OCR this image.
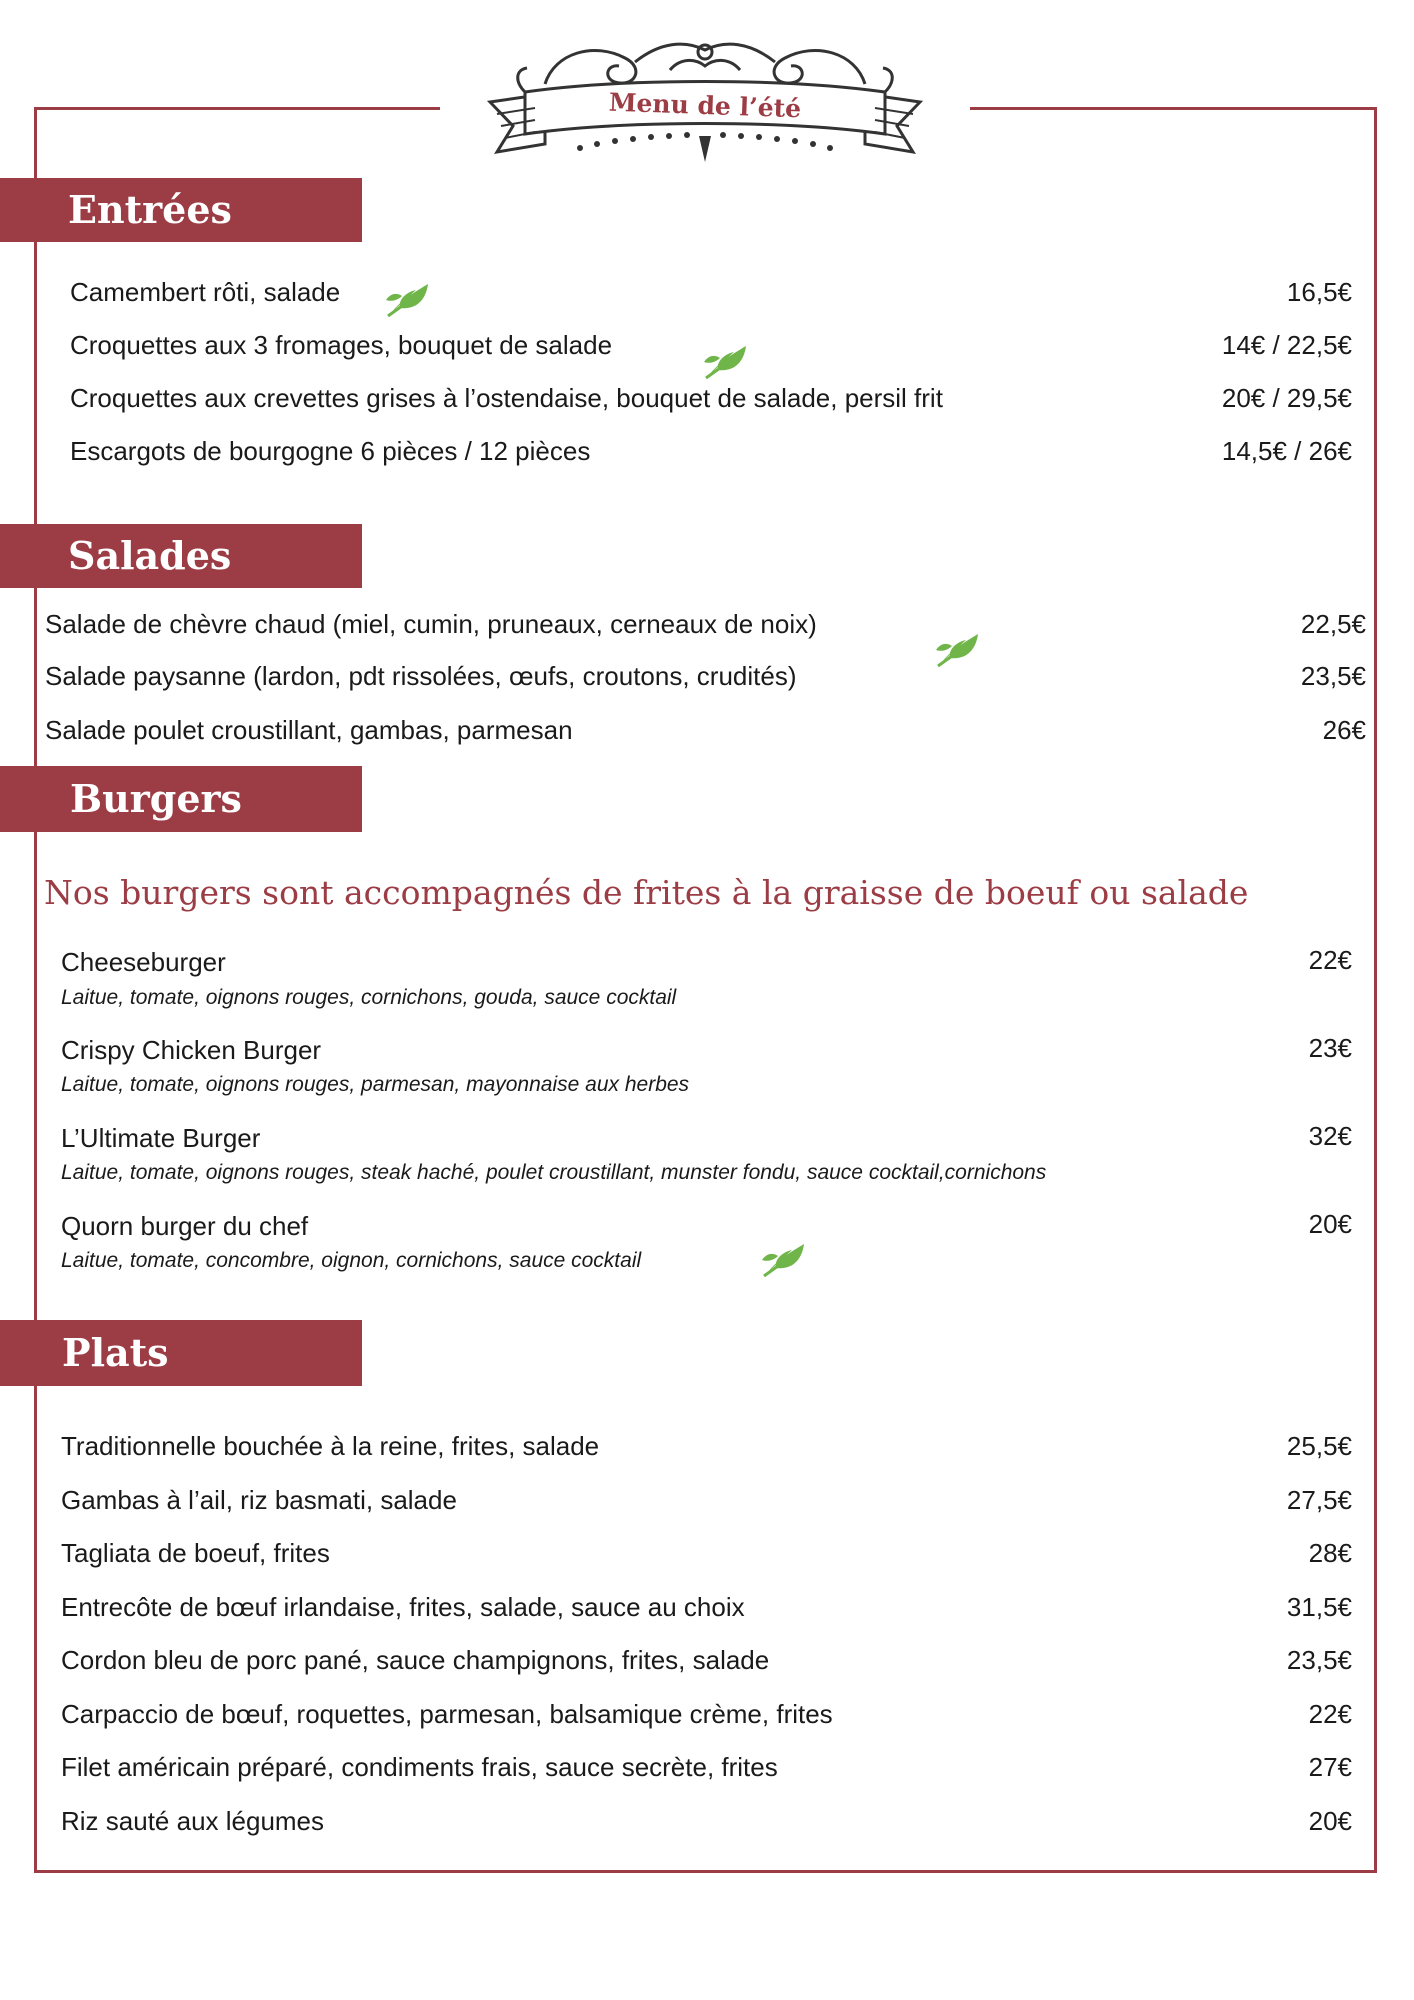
Menu de l’été
Entrées
Camembert rôti, salade	16,5€
Croquettes aux 3 fromages, bouquet de salade	14€ / 22,5€
Croquettes aux crevettes grises à l’ostendaise, bouquet de salade, persil frit	20€ / 29,5€
Escargots de bourgogne 6 pièces / 12 pièces	14,5€ / 26€
Salades
Salade de chèvre chaud (miel, cumin, pruneaux, cerneaux de noix)	22,5€
Salade paysanne (lardon, pdt rissolées, œufs, croutons, crudités)	23,5€
Salade poulet croustillant, gambas, parmesan	26€
Burgers
Nos burgers sont accompagnés de frites à la graisse de boeuf ou salade
Cheeseburger	22€
Laitue, tomate, oignons rouges, cornichons, gouda, sauce cocktail
Crispy Chicken Burger	23€
Laitue, tomate, oignons rouges, parmesan, mayonnaise aux herbes
L’Ultimate Burger	32€
Laitue, tomate, oignons rouges, steak haché, poulet croustillant, munster fondu, sauce cocktail,cornichons
Quorn burger du chef	20€
Laitue, tomate, concombre, oignon, cornichons, sauce cocktail
Plats
Traditionnelle bouchée à la reine, frites, salade	25,5€
Gambas à l’ail, riz basmati, salade	27,5€
Tagliata de boeuf, frites	28€
Entrecôte de bœuf irlandaise, frites, salade, sauce au choix	31,5€
Cordon bleu de porc pané, sauce champignons, frites, salade	23,5€
Carpaccio de bœuf, roquettes, parmesan, balsamique crème, frites	22€
Filet américain préparé, condiments frais, sauce secrète, frites	27€
Riz sauté aux légumes	20€
